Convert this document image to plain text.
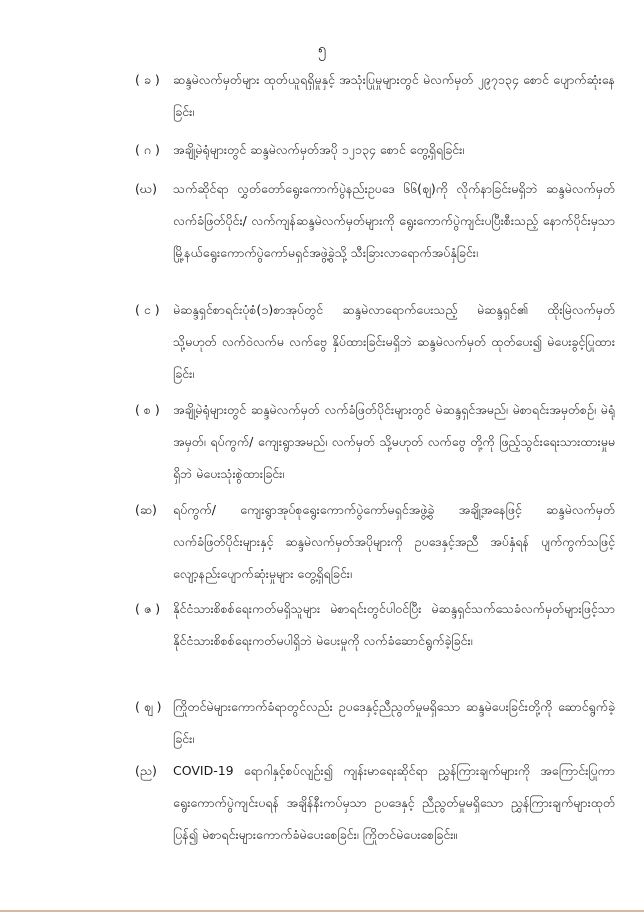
၅
( ခ )	ဆန္ဒမဲလက်မှတ်များ ထုတ်ယူရရှိမှုနှင့် အသုံးပြုမှုများတွင် မဲလက်မှတ် ၂၉၇၁၃၄ စောင် ပျောက်ဆုံးနေခြင်း၊
( ဂ )	အချို့မဲရုံများတွင် ဆန္ဒမဲလက်မှတ်အပို ၁၂၁၃၄ စောင် တွေ့ရှိရခြင်း၊
(ဃ)	သက်ဆိုင်ရာ လွှတ်တော်ရွေးကောက်ပွဲနည်းဥပဒေ ၆၆(ဈ)ကို လိုက်နာခြင်းမရှိဘဲ ဆန္ဒမဲလက်မှတ် လက်ခံဖြတ်ပိုင်း/ လက်ကျန်ဆန္ဒမဲလက်မှတ်များကို ရွေးကောက်ပွဲကျင်းပပြီးစီးသည့် နောက်ပိုင်းမှသာ မြို့နယ်ရွေးကောက်ပွဲကော်မရှင်အဖွဲ့ခွဲသို့ သီးခြားလာရောက်အပ်နှံခြင်း၊
( င )	မဲဆန္ဒရှင်စာရင်းပုံစံ(၁)စာအုပ်တွင် ဆန္ဒမဲလာရောက်ပေးသည့် မဲဆန္ဒရှင်၏ ထိုးမြဲလက်မှတ် သို့မဟုတ် လက်ဝဲလက်မ လက်ဗွေ နှိပ်ထားခြင်းမရှိဘဲ ဆန္ဒမဲလက်မှတ် ထုတ်ပေး၍ မဲပေးခွင့်ပြုထားခြင်း၊
( စ )	အချို့မဲရုံများတွင် ဆန္ဒမဲလက်မှတ် လက်ခံဖြတ်ပိုင်းများတွင် မဲဆန္ဒရှင်အမည်၊ မဲစာရင်းအမှတ်စဉ်၊ မဲရုံအမှတ်၊ ရပ်ကွက်/ ကျေးရွာအမည်၊ လက်မှတ် သို့မဟုတ် လက်ဗွေ တို့ကို ဖြည့်သွင်းရေးသားထားမှုမရှိဘဲ မဲပေးသုံးစွဲထားခြင်း၊
(ဆ)	ရပ်ကွက်/ ကျေးရွာအုပ်စုရွေးကောက်ပွဲကော်မရှင်အဖွဲ့ခွဲ အချို့အနေဖြင့် ဆန္ဒမဲလက်မှတ် လက်ခံဖြတ်ပိုင်းများနှင့် ဆန္ဒမဲလက်မှတ်အပိုများကို ဥပဒေနှင့်အညီ အပ်နှံရန် ပျက်ကွက်သဖြင့် လျော့နည်းပျောက်ဆုံးမှုများ တွေ့ရှိရခြင်း၊
( ဇ )	နိုင်ငံသားစိစစ်ရေးကတ်မရှိသူများ မဲစာရင်းတွင်ပါဝင်ပြီး မဲဆန္ဒရှင်သက်သေခံလက်မှတ်များဖြင့်သာ နိုင်ငံသားစိစစ်ရေးကတ်မပါရှိဘဲ မဲပေးမှုကို လက်ခံဆောင်ရွက်ခဲ့ခြင်း၊
( ဈ ) ကြိုတင်မဲများကောက်ခံရာတွင်လည်း ဥပဒေနှင့်ညီညွတ်မှုမရှိသော ဆန္ဒမဲပေးခြင်းတို့ကို ဆောင်ရွက်ခဲ့ခြင်း၊
(ည)	COVID-19 ရောဂါနှင့်စပ်လျဉ်း၍ ကျန်းမာရေးဆိုင်ရာ ညွှန်ကြားချက်များကို အကြောင်းပြုကာ ရွေးကောက်ပွဲကျင်းပရန် အချိန်နီးကပ်မှသာ ဥပဒေနှင့် ညီညွတ်မှုမရှိသော ညွှန်ကြားချက်များထုတ်ပြန်၍ မဲစာရင်းများကောက်ခံမဲပေးစေခြင်း၊ ကြိုတင်မဲပေးစေခြင်း။
